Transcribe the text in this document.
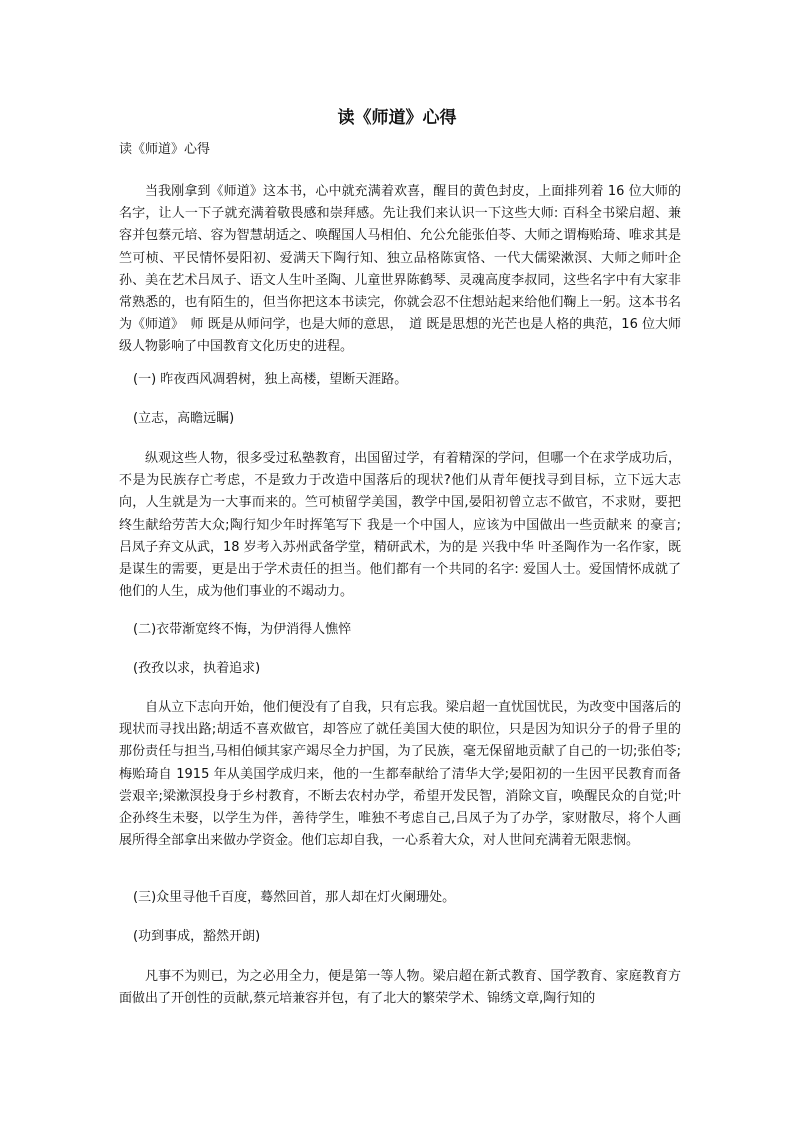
读《师道》心得

读《师道》心得

当我刚拿到《师道》这本书，心中就充满着欢喜，醒目的黄色封皮，上面排列着 16 位大师的名字，让人一下子就充满着敬畏感和崇拜感。先让我们来认识一下这些大师: 百科全书梁启超、兼容并包蔡元培、容为智慧胡适之、唤醒国人马相伯、允公允能张伯苓、大师之谓梅贻琦、唯求其是竺可桢、平民情怀晏阳初、爱满天下陶行知、独立品格陈寅恪、一代大儒梁漱溟、大师之师叶企孙、美在艺术吕凤子、语文人生叶圣陶、儿童世界陈鹤琴、灵魂高度李叔同，这些名字中有大家非常熟悉的，也有陌生的，但当你把这本书读完，你就会忍不住想站起来给他们鞠上一躬。这本书名为《师道》　师 既是从师问学，也是大师的意思，　道 既是思想的光芒也是人格的典范，16 位大师级人物影响了中国教育文化历史的进程。

(一) 昨夜西风凋碧树，独上高楼，望断天涯路。

(立志，高瞻远瞩)

纵观这些人物，很多受过私塾教育，出国留过学，有着精深的学问，但哪一个在求学成功后，不是为民族存亡考虑，不是致力于改造中国落后的现状?他们从青年便找寻到目标，立下远大志向，人生就是为一大事而来的。竺可桢留学美国，教学中国,晏阳初曾立志不做官，不求财，要把终生献给劳苦大众;陶行知少年时挥笔写下 我是一个中国人，应该为中国做出一些贡献来 的豪言;吕凤子弃文从武，18 岁考入苏州武备学堂，精研武术，为的是 兴我中华 叶圣陶作为一名作家，既是谋生的需要，更是出于学术责任的担当。他们都有一个共同的名字: 爱国人士。爱国情怀成就了他们的人生，成为他们事业的不竭动力。

(二)衣带渐宽终不悔，为伊消得人憔悴

(孜孜以求，执着追求)

自从立下志向开始，他们便没有了自我，只有忘我。梁启超一直忧国忧民，为改变中国落后的现状而寻找出路;胡适不喜欢做官，却答应了就任美国大使的职位，只是因为知识分子的骨子里的那份责任与担当,马相伯倾其家产竭尽全力护国，为了民族，毫无保留地贡献了自己的一切;张伯苓;梅贻琦自 1915 年从美国学成归来，他的一生都奉献给了清华大学;晏阳初的一生因平民教育而备尝艰辛;梁漱溟投身于乡村教育，不断去农村办学，希望开发民智，消除文盲，唤醒民众的自觉;叶企孙终生未娶，以学生为伴，善待学生，唯独不考虑自己,吕凤子为了办学，家财散尽，将个人画展所得全部拿出来做办学资金。他们忘却自我，一心系着大众，对人世间充满着无限悲悯。

(三)众里寻他千百度，蓦然回首，那人却在灯火阑珊处。

(功到事成，豁然开朗)

凡事不为则已，为之必用全力，便是第一等人物。梁启超在新式教育、国学教育、家庭教育方面做出了开创性的贡献,蔡元培兼容并包，有了北大的繁荣学术、锦绣文章,陶行知的
